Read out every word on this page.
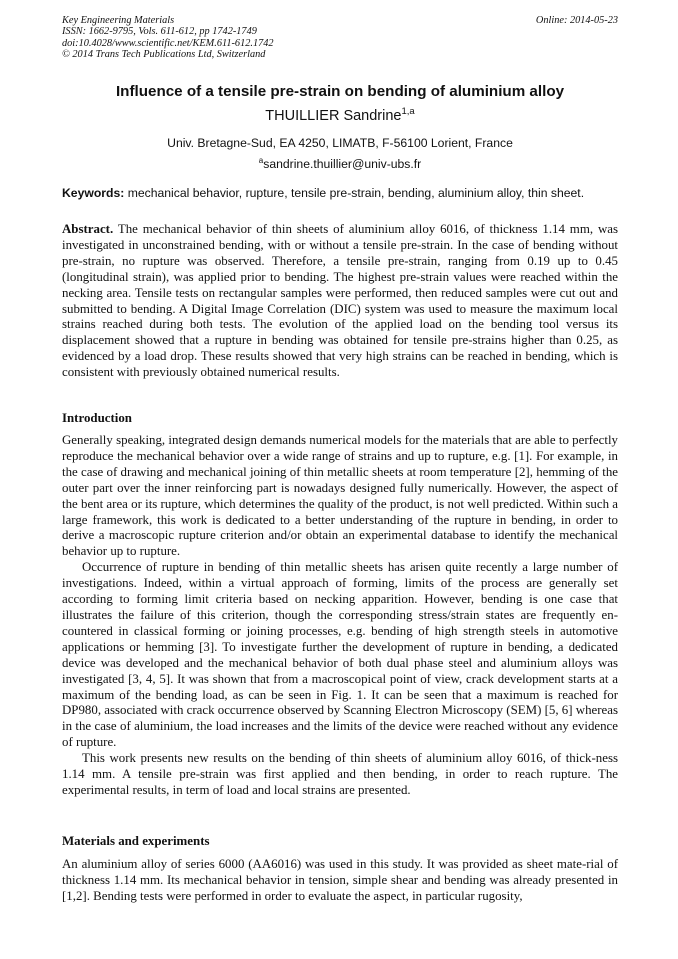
Key Engineering Materials
ISSN: 1662-9795, Vols. 611-612, pp 1742-1749
doi:10.4028/www.scientific.net/KEM.611-612.1742
© 2014 Trans Tech Publications Ltd, Switzerland
Online: 2014-05-23
Influence of a tensile pre-strain on bending of aluminium alloy
THUILLIER Sandrine$^{1,a}$
Univ. Bretagne-Sud, EA 4250, LIMATB, F-56100 Lorient, France
$^a$sandrine.thuillier@univ-ubs.fr
Keywords: mechanical behavior, rupture, tensile pre-strain, bending, aluminium alloy, thin sheet.

Abstract. The mechanical behavior of thin sheets of aluminium alloy 6016, of thickness 1.14 mm, was investigated in unconstrained bending, with or without a tensile pre-strain. In the case of bending without pre-strain, no rupture was observed. Therefore, a tensile pre-strain, ranging from 0.19 up to 0.45 (longitudinal strain), was applied prior to bending. The highest pre-strain values were reached within the necking area. Tensile tests on rectangular samples were performed, then reduced samples were cut out and submitted to bending. A Digital Image Correlation (DIC) system was used to measure the maximum local strains reached during both tests. The evolution of the applied load on the bending tool versus its displacement showed that a rupture in bending was obtained for tensile pre-strains higher than 0.25, as evidenced by a load drop. These results showed that very high strains can be reached in bending, which is consistent with previously obtained numerical results.

Introduction

Generally speaking, integrated design demands numerical models for the materials that are able to perfectly reproduce the mechanical behavior over a wide range of strains and up to rupture, e.g. [1]. For example, in the case of drawing and mechanical joining of thin metallic sheets at room temperature [2], hemming of the outer part over the inner reinforcing part is nowadays designed fully numerically. However, the aspect of the bent area or its rupture, which determines the quality of the product, is not well predicted. Within such a large framework, this work is dedicated to a better understanding of the rupture in bending, in order to derive a macroscopic rupture criterion and/or obtain an experimental database to identify the mechanical behavior up to rupture.

Occurrence of rupture in bending of thin metallic sheets has arisen quite recently a large number of investigations. Indeed, within a virtual approach of forming, limits of the process are generally set according to forming limit criteria based on necking apparition. However, bending is one case that illustrates the failure of this criterion, though the corresponding stress/strain states are frequently en-countered in classical forming or joining processes, e.g. bending of high strength steels in automotive applications or hemming [3]. To investigate further the development of rupture in bending, a dedicated device was developed and the mechanical behavior of both dual phase steel and aluminium alloys was investigated [3, 4, 5]. It was shown that from a macroscopical point of view, crack development starts at a maximum of the bending load, as can be seen in Fig. 1. It can be seen that a maximum is reached for DP980, associated with crack occurrence observed by Scanning Electron Microscopy (SEM) [5, 6] whereas in the case of aluminium, the load increases and the limits of the device were reached without any evidence of rupture.

This work presents new results on the bending of thin sheets of aluminium alloy 6016, of thick-ness 1.14 mm. A tensile pre-strain was first applied and then bending, in order to reach rupture. The experimental results, in term of load and local strains are presented.

Materials and experiments

An aluminium alloy of series 6000 (AA6016) was used in this study. It was provided as sheet mate-rial of thickness 1.14 mm. Its mechanical behavior in tension, simple shear and bending was already presented in [1,2]. Bending tests were performed in order to evaluate the aspect, in particular rugosity,
